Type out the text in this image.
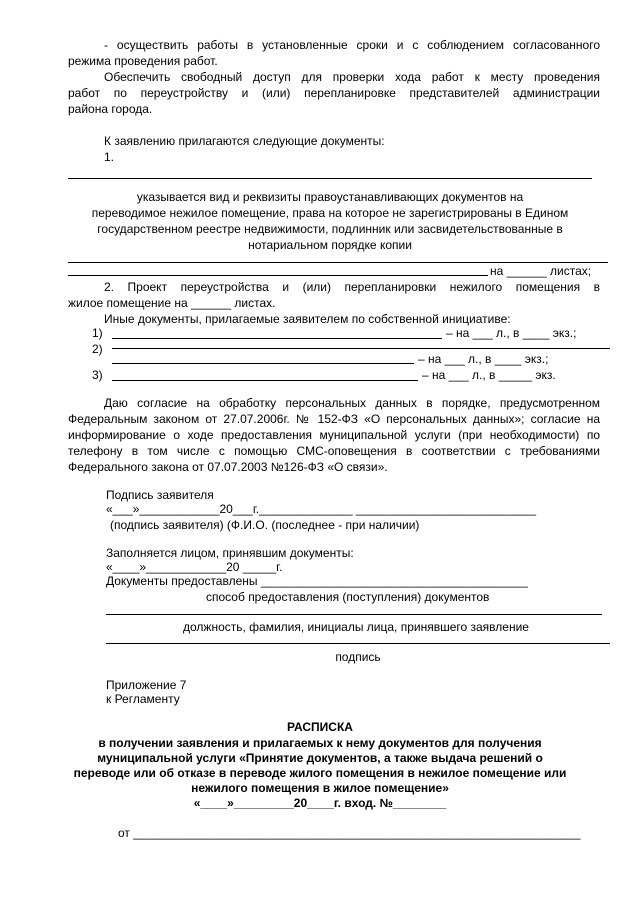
- осуществить работы в установленные сроки и с соблюдением согласованного
режима проведения работ.
Обеспечить свободный доступ для проверки хода работ к месту проведения
работ по переустройству и (или) перепланировке представителей администрации
района города.
К заявлению прилагаются следующие документы:
1.
указывается вид и реквизиты правоустанавливающих документов на
переводимое нежилое помещение, права на которое не зарегистрированы в Едином
государственном реестре недвижимости, подлинник или засвидетельствованные в
нотариальном порядке копии
на ______ листах;
2. Проект переустройства и (или) перепланировки нежилого помещения в
жилое помещение на ______ листах.
Иные документы, прилагаемые заявителем по собственной инициативе:
1)	– на ___ л., в ____ экз.;
2)
– на ___ л., в ____ экз.;
3)	– на ___ л., в _____ экз.
Даю согласие на обработку персональных данных в порядке, предусмотренном
Федеральным законом от 27.07.2006г. № 152-ФЗ «О персональных данных»; согласие на
информирование о ходе предоставления муниципальной услуги (при необходимости) по
телефону в том числе с помощью СМС-оповещения в соответствии с требованиями
Федерального закона от 07.07.2003 №126-ФЗ «О связи».
Подпись заявителя
«___»____________20___г.______________ ___________________________
(подпись заявителя) (Ф.И.О. (последнее - при наличии)
Заполняется лицом, принявшим документы:
«____»____________20 _____г.
Документы предоставлены ________________________________________
способ предоставления (поступления) документов
должность, фамилия, инициалы лица, принявшего заявление
подпись
Приложение 7
к Регламенту
РАСПИСКА
в получении заявления и прилагаемых к нему документов для получения
муниципальной услуги «Принятие документов, а также выдача решений о
переводе или об отказе в переводе жилого помещения в нежилое помещение или
нежилого помещения в жилое помещение»
«____»_________20____г. вход. №________
от ___________________________________________________________________
